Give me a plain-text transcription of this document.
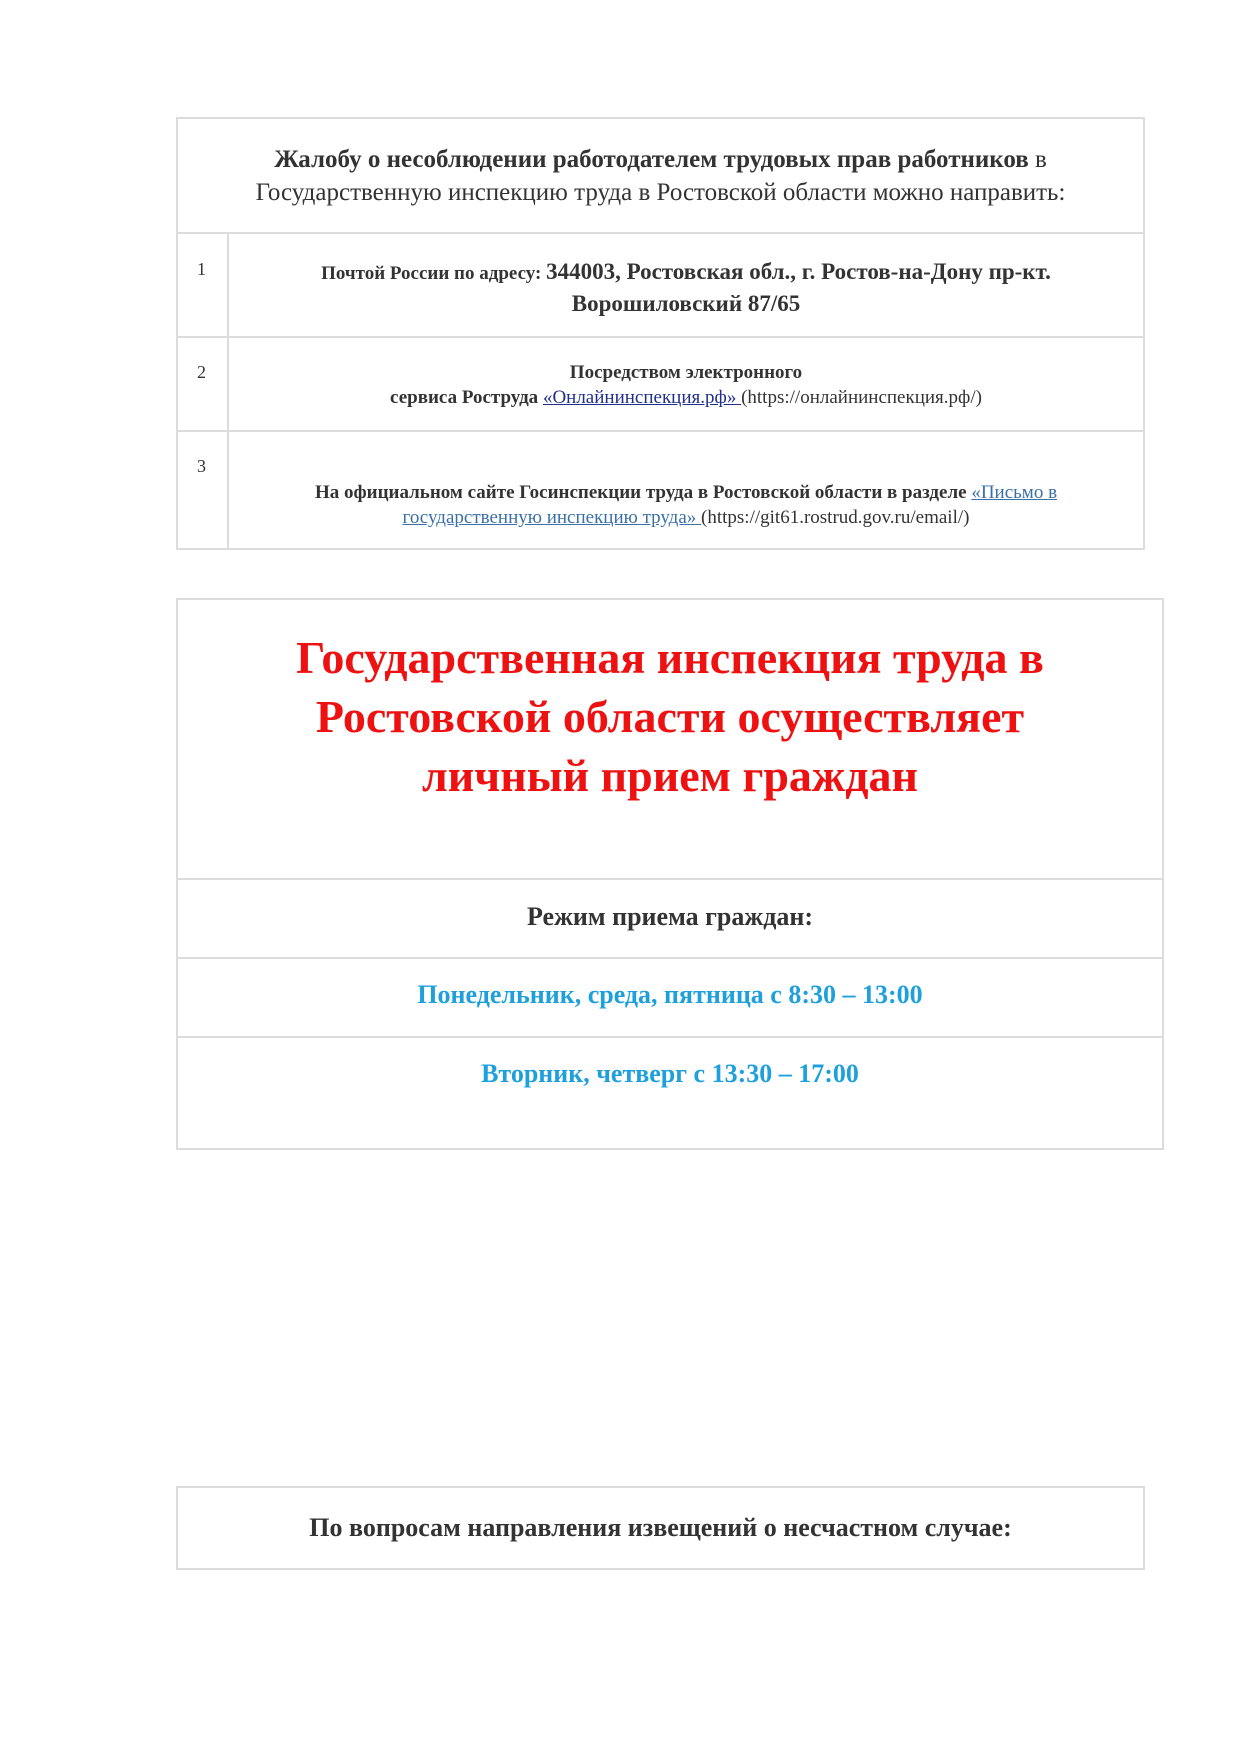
Жалобу о несоблюдении работодателем трудовых прав работников в Государственную инспекцию труда в Ростовской области можно направить:
1	Почтой России по адресу: 344003, Ростовская обл., г. Ростов-на-Дону пр-кт. Ворошиловский 87/65
2	Посредством электронного
сервиса Роструда «Онлайнинспекция.рф» (https://онлайнинспекция.рф/)
3
На официальном сайте Госинспекции труда в Ростовской области в разделе «Письмо в государственную инспекцию труда» (https://git61.rostrud.gov.ru/email/)
Государственная инспекция труда в Ростовской области осуществляет личный прием граждан
Режим приема граждан:
Понедельник, среда, пятница с 8:30 – 13:00
Вторник, четверг с 13:30 – 17:00
По вопросам направления извещений о несчастном случае:
